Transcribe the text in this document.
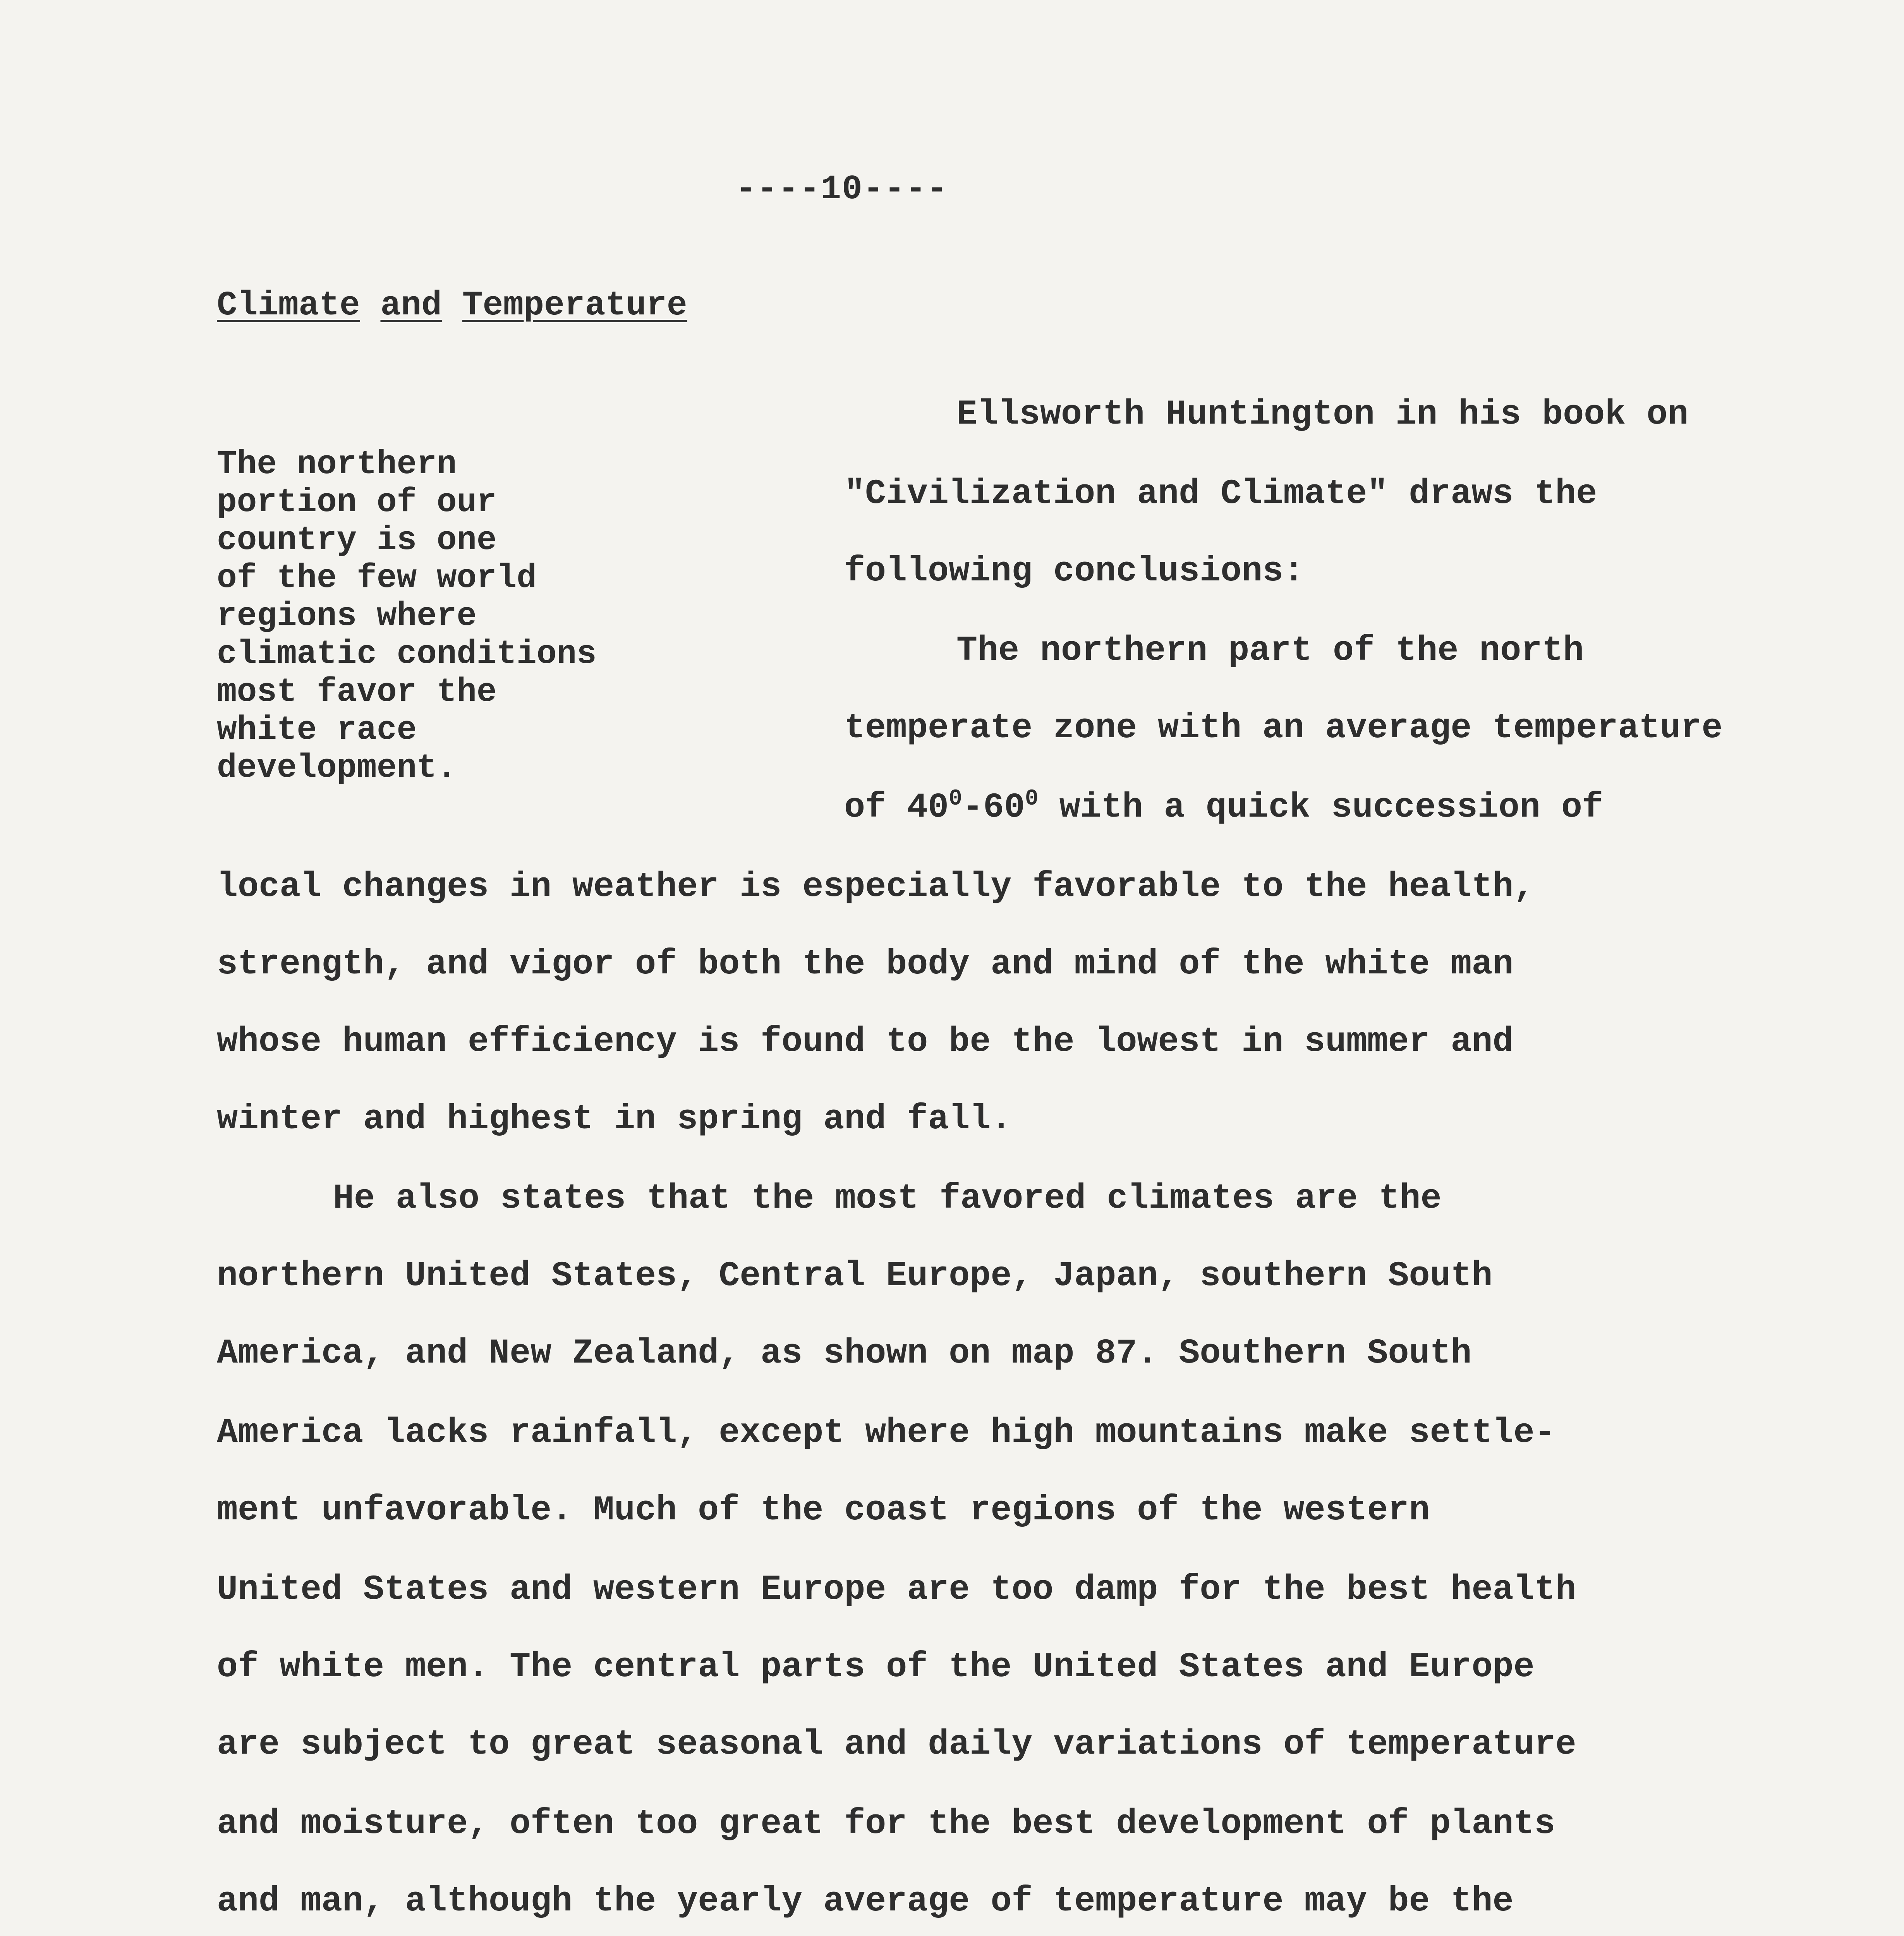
----10----
Climate and Temperature
The northern
portion of our
country is one
of the few world
regions where
climatic conditions
most favor the
white race
development.
Ellsworth Huntington in his book on
"Civilization and Climate" draws the
following conclusions:
The northern part of the north
temperate zone with an average temperature
of $40^0-60^0$ with a quick succession of
local changes in weather is especially favorable to the health,
strength, and vigor of both the body and mind of the white man
whose human efficiency is found to be the lowest in summer and
winter and highest in spring and fall.
He also states that the most favored climates are the
northern United States, Central Europe, Japan, southern South
America, and New Zealand, as shown on map 87. Southern South
America lacks rainfall, except where high mountains make settle-
ment unfavorable. Much of the coast regions of the western
United States and western Europe are too damp for the best health
of white men. The central parts of the United States and Europe
are subject to great seasonal and daily variations of temperature
and moisture, often too great for the best development of plants
and man, although the yearly average of temperature may be the
